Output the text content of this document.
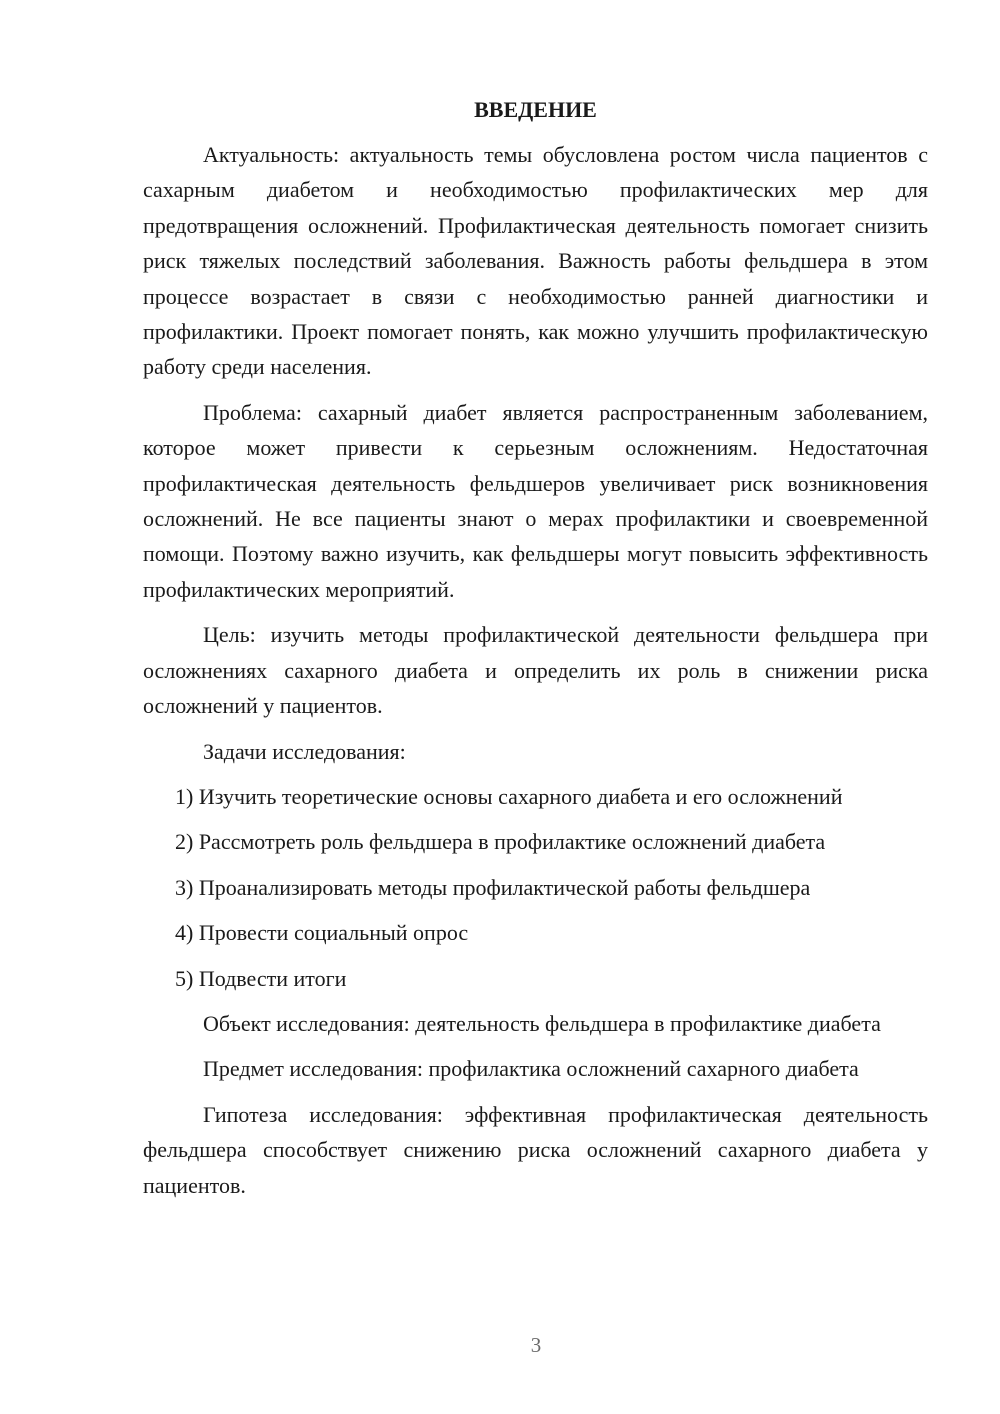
ВВЕДЕНИЕ

Актуальность: актуальность темы обусловлена ростом числа пациентов с сахарным диабетом и необходимостью профилактических мер для предотвращения осложнений. Профилактическая деятельность помогает снизить риск тяжелых последствий заболевания. Важность работы фельдшера в этом процессе возрастает в связи с необходимостью ранней диагностики и профилактики. Проект помогает понять, как можно улучшить профилактическую работу среди населения.

Проблема: сахарный диабет является распространенным заболеванием, которое может привести к серьезным осложнениям. Недостаточная профилактическая деятельность фельдшеров увеличивает риск возникновения осложнений. Не все пациенты знают о мерах профилактики и своевременной помощи. Поэтому важно изучить, как фельдшеры могут повысить эффективность профилактических мероприятий.

Цель: изучить методы профилактической деятельности фельдшера при осложнениях сахарного диабета и определить их роль в снижении риска осложнений у пациентов.

Задачи исследования:

1) Изучить теоретические основы сахарного диабета и его осложнений
2) Рассмотреть роль фельдшера в профилактике осложнений диабета
3) Проанализировать методы профилактической работы фельдшера
4) Провести социальный опрос
5) Подвести итоги

Объект исследования: деятельность фельдшера в профилактике диабета

Предмет исследования: профилактика осложнений сахарного диабета

Гипотеза исследования: эффективная профилактическая деятельность фельдшера способствует снижению риска осложнений сахарного диабета у пациентов.

3
